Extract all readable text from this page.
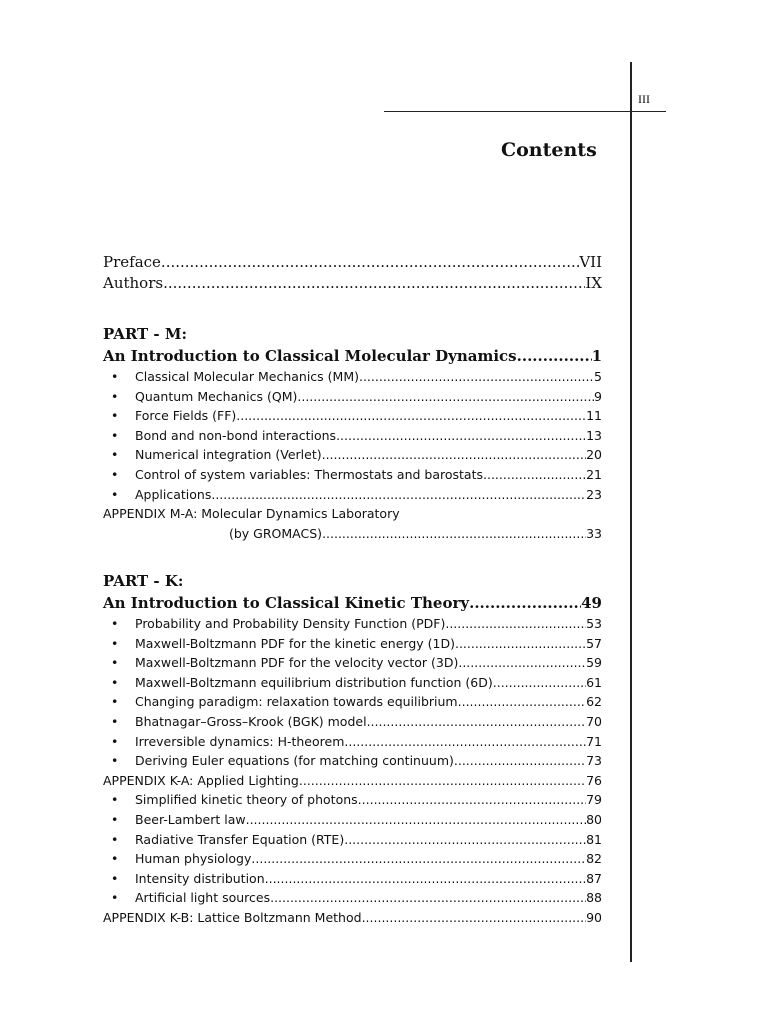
III
Contents
Preface .....	VII
Authors .....	IX
PART - M:
An Introduction to Classical Molecular Dynamics .....	1
• Classical Molecular Mechanics (MM) .....	5
• Quantum Mechanics (QM) .....	9
• Force Fields (FF) .....	11
• Bond and non-bond interactions .....	13
• Numerical integration (Verlet) .....	20
• Control of system variables: Thermostats and barostats .....	21
• Applications .....	23
APPENDIX M-A: Molecular Dynamics Laboratory
(by GROMACS) .....	33
PART - K:
An Introduction to Classical Kinetic Theory .....	49
• Probability and Probability Density Function (PDF) .....	53
• Maxwell-Boltzmann PDF for the kinetic energy (1D) .....	57
• Maxwell-Boltzmann PDF for the velocity vector (3D) .....	59
• Maxwell-Boltzmann equilibrium distribution function (6D) .....	61
• Changing paradigm: relaxation towards equilibrium .....	62
• Bhatnagar–Gross–Krook (BGK) model .....	70
• Irreversible dynamics: H-theorem .....	71
• Deriving Euler equations (for matching continuum) .....	73
APPENDIX K-A: Applied Lighting .....	76
• Simplified kinetic theory of photons .....	79
• Beer-Lambert law .....	80
• Radiative Transfer Equation (RTE) .....	81
• Human physiology .....	82
• Intensity distribution .....	87
• Artificial light sources .....	88
APPENDIX K-B: Lattice Boltzmann Method .....	90
